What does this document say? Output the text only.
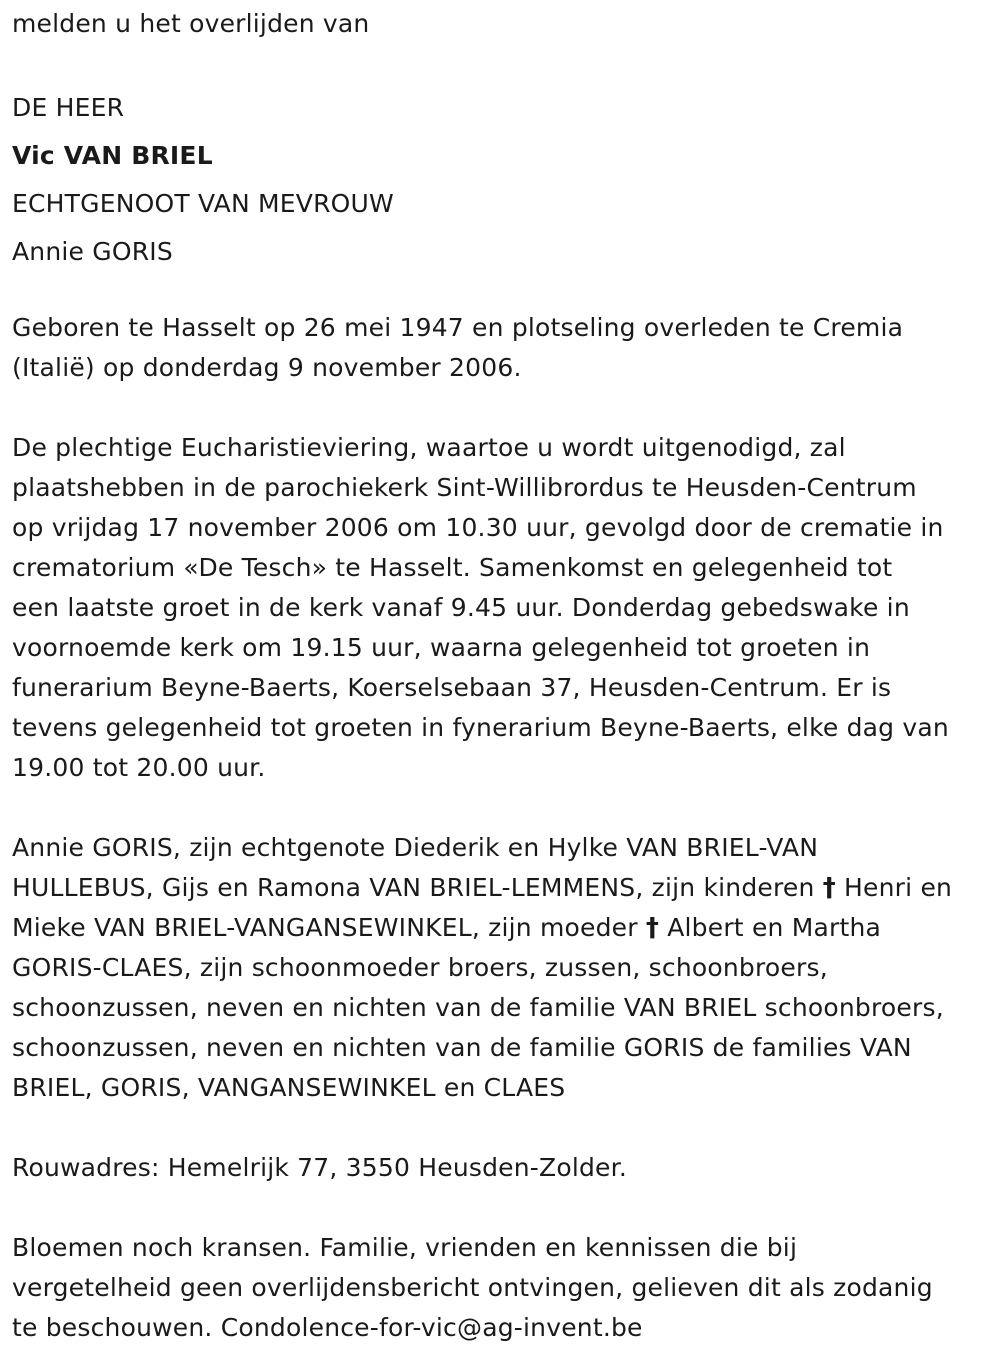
melden u het overlijden van

DE HEER

Vic VAN BRIEL

ECHTGENOOT VAN MEVROUW

Annie GORIS

Geboren te Hasselt op 26 mei 1947 en plotseling overleden te Cremia

(Italië) op donderdag 9 november 2006.

De plechtige Eucharistieviering, waartoe u wordt uitgenodigd, zal

plaatshebben in de parochiekerk Sint-Willibrordus te Heusden-Centrum

op vrijdag 17 november 2006 om 10.30 uur, gevolgd door de crematie in

crematorium «De Tesch» te Hasselt. Samenkomst en gelegenheid tot

een laatste groet in de kerk vanaf 9.45 uur. Donderdag gebedswake in

voornoemde kerk om 19.15 uur, waarna gelegenheid tot groeten in

funerarium Beyne-Baerts, Koerselsebaan 37, Heusden-Centrum. Er is

tevens gelegenheid tot groeten in fynerarium Beyne-Baerts, elke dag van

19.00 tot 20.00 uur.

Annie GORIS, zijn echtgenote Diederik en Hylke VAN BRIEL-VAN

HULLEBUS, Gijs en Ramona VAN BRIEL-LEMMENS, zijn kinderen † Henri en

Mieke VAN BRIEL-VANGANSEWINKEL, zijn moeder † Albert en Martha

GORIS-CLAES, zijn schoonmoeder broers, zussen, schoonbroers,

schoonzussen, neven en nichten van de familie VAN BRIEL schoonbroers,

schoonzussen, neven en nichten van de familie GORIS de families VAN

BRIEL, GORIS, VANGANSEWINKEL en CLAES

Rouwadres: Hemelrijk 77, 3550 Heusden-Zolder.

Bloemen noch kransen. Familie, vrienden en kennissen die bij

vergetelheid geen overlijdensbericht ontvingen, gelieven dit als zodanig

te beschouwen. Condolence-for-vic@ag-invent.be
